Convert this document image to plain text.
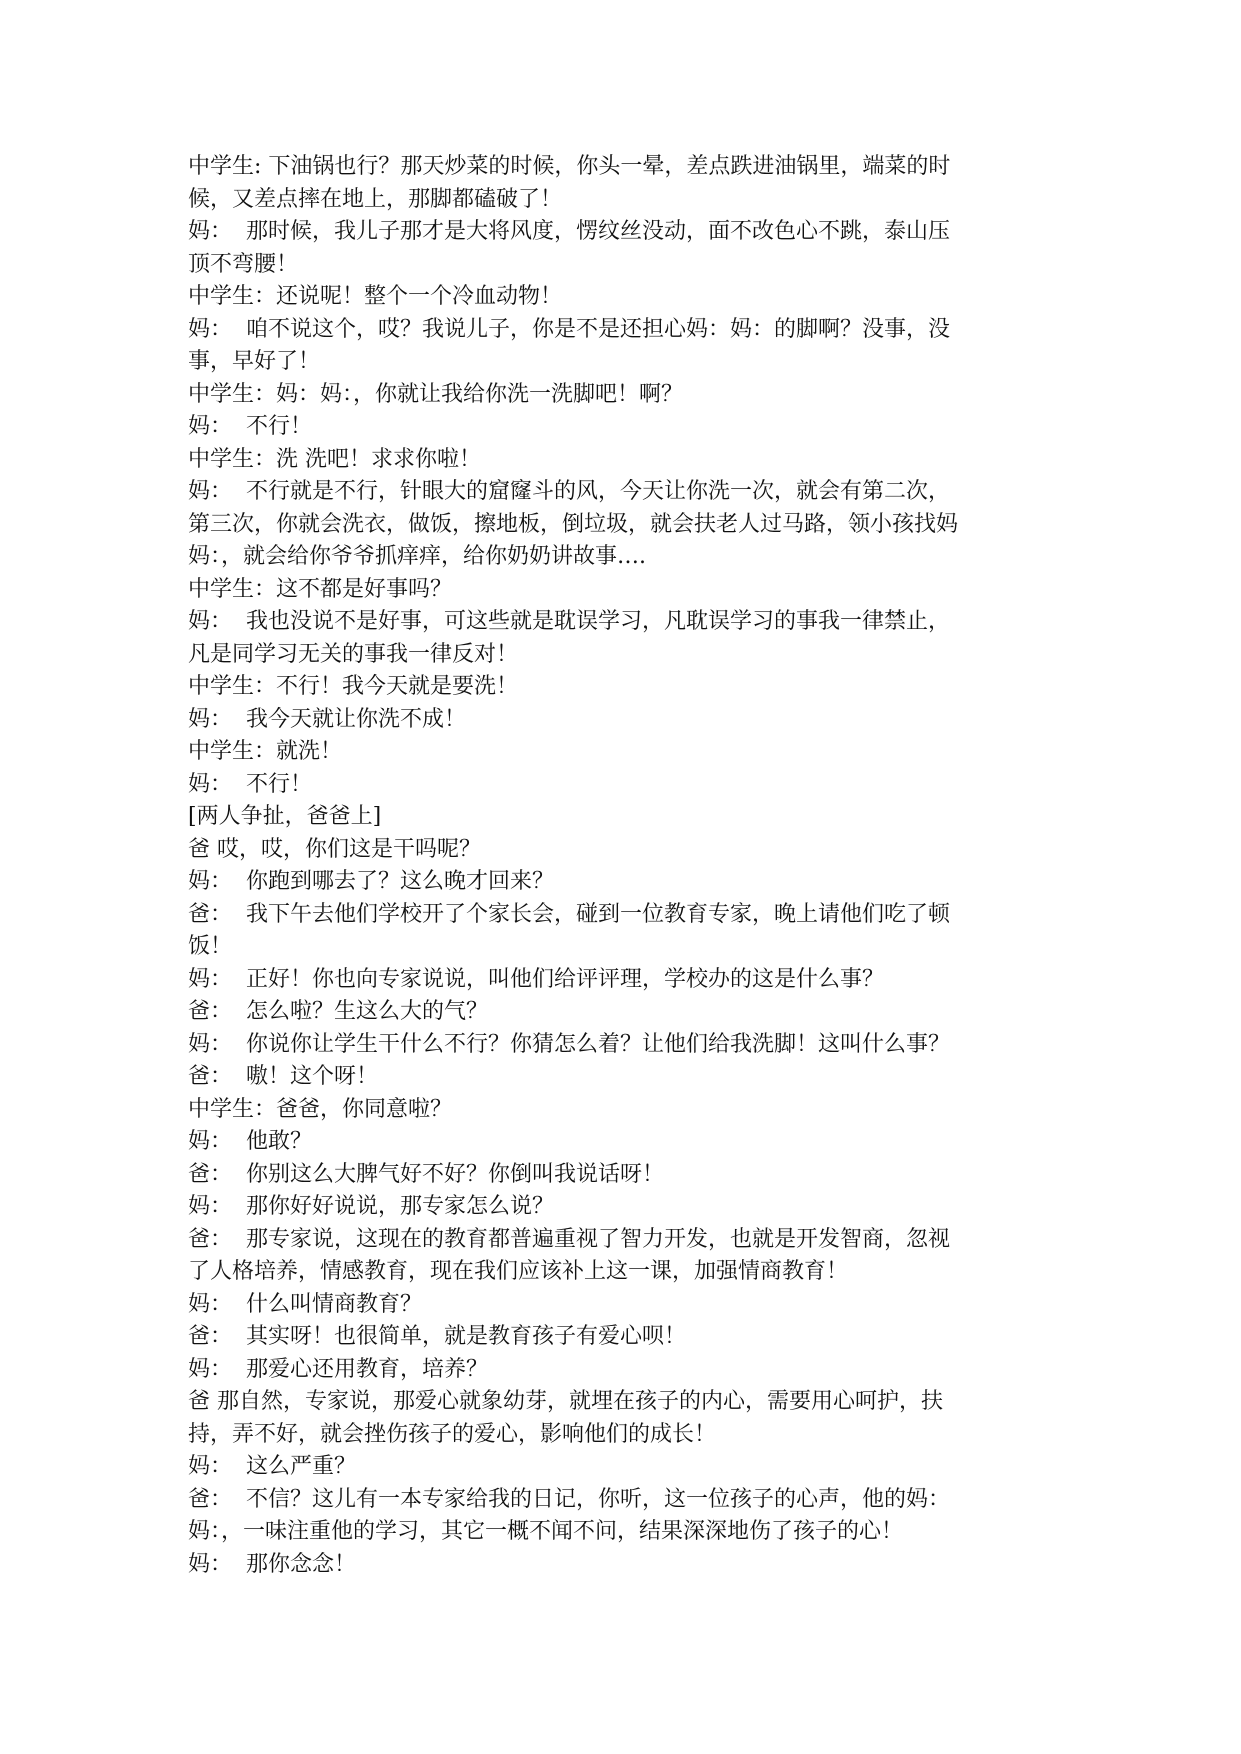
中学生: 下油锅也行？那天炒菜的时候，你头一晕，差点跌进油锅里，端菜的时

候，又差点摔在地上，那脚都磕破了！

妈：  那时候，我儿子那才是大将风度，愣纹丝没动，面不改色心不跳，泰山压

顶不弯腰！

中学生：还说呢！整个一个冷血动物！

妈：  咱不说这个，哎？我说儿子，你是不是还担心妈：妈：的脚啊？没事，没

事，早好了！

中学生：妈：妈：，你就让我给你洗一洗脚吧！啊？

妈：  不行！

中学生：洗 洗吧！求求你啦！

妈：  不行就是不行，针眼大的窟窿斗的风，今天让你洗一次，就会有第二次，

第三次，你就会洗衣，做饭，擦地板，倒垃圾，就会扶老人过马路，领小孩找妈

妈：，就会给你爷爷抓痒痒，给你奶奶讲故事….

中学生：这不都是好事吗？

妈：  我也没说不是好事，可这些就是耽误学习，凡耽误学习的事我一律禁止，

凡是同学习无关的事我一律反对！

中学生：不行！我今天就是要洗！

妈：  我今天就让你洗不成！

中学生：就洗！

妈：  不行！

[两人争扯，爸爸上]

爸 哎，哎，你们这是干吗呢？

妈：  你跑到哪去了？这么晚才回来？

爸：  我下午去他们学校开了个家长会，碰到一位教育专家，晚上请他们吃了顿

饭！

妈：  正好！你也向专家说说，叫他们给评评理，学校办的这是什么事？

爸：  怎么啦？生这么大的气？

妈：  你说你让学生干什么不行？你猜怎么着？让他们给我洗脚！这叫什么事？

爸：  嗷！这个呀！

中学生：爸爸，你同意啦？

妈：  他敢？

爸：  你别这么大脾气好不好？你倒叫我说话呀！

妈：  那你好好说说，那专家怎么说？

爸：  那专家说，这现在的教育都普遍重视了智力开发，也就是开发智商，忽视

了人格培养，情感教育，现在我们应该补上这一课，加强情商教育！

妈：  什么叫情商教育？

爸：  其实呀！也很简单，就是教育孩子有爱心呗！

妈：  那爱心还用教育，培养？

爸 那自然，专家说，那爱心就象幼芽，就埋在孩子的内心，需要用心呵护，扶

持，弄不好，就会挫伤孩子的爱心，影响他们的成长！

妈：  这么严重？

爸：  不信？这儿有一本专家给我的日记，你听，这一位孩子的心声，他的妈：

妈：，一味注重他的学习，其它一概不闻不问，结果深深地伤了孩子的心！

妈：  那你念念！
